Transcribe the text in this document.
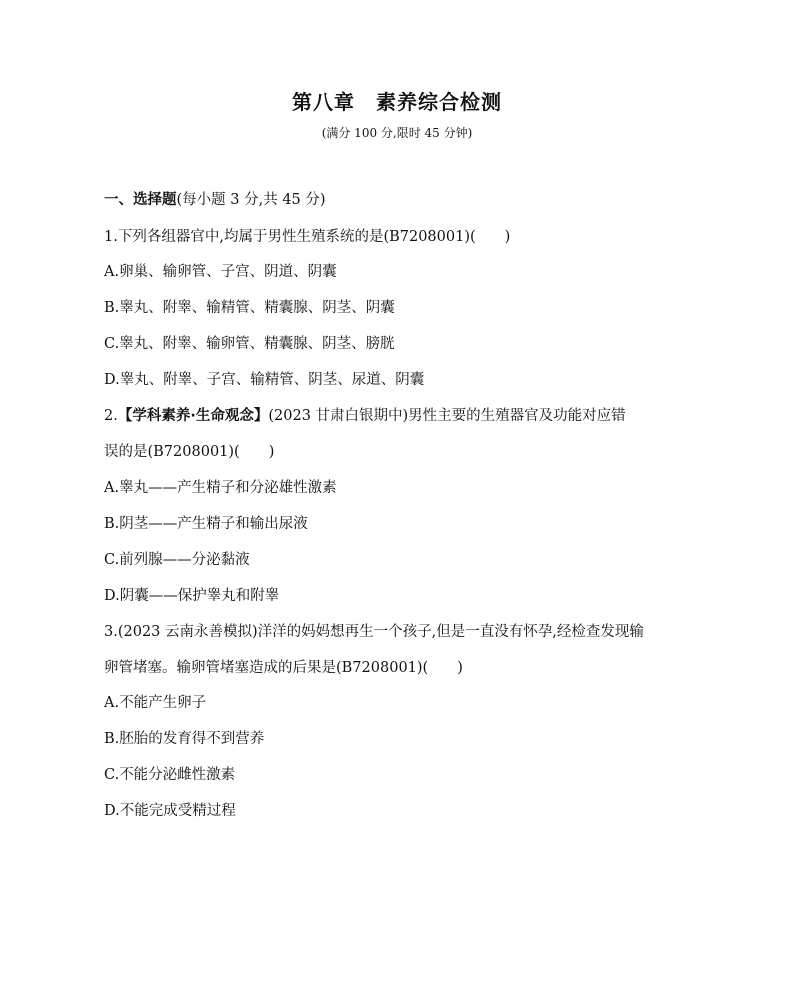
第八章　素养综合检测
(满分 100 分,限时 45 分钟)
一、选择题(每小题 3 分,共 45 分)
1.下列各组器官中,均属于男性生殖系统的是(B7208001)(　　)
A.卵巢、输卵管、子宫、阴道、阴囊
B.睾丸、附睾、输精管、精囊腺、阴茎、阴囊
C.睾丸、附睾、输卵管、精囊腺、阴茎、膀胱
D.睾丸、附睾、子宫、输精管、阴茎、尿道、阴囊
2.【学科素养·生命观念】(2023 甘肃白银期中)男性主要的生殖器官及功能对应错
误的是(B7208001)(　　)
A.睾丸——产生精子和分泌雄性激素
B.阴茎——产生精子和输出尿液
C.前列腺——分泌黏液
D.阴囊——保护睾丸和附睾
3.(2023 云南永善模拟)洋洋的妈妈想再生一个孩子,但是一直没有怀孕,经检查发现输
卵管堵塞。输卵管堵塞造成的后果是(B7208001)(　　)
A.不能产生卵子
B.胚胎的发育得不到营养
C.不能分泌雌性激素
D.不能完成受精过程
